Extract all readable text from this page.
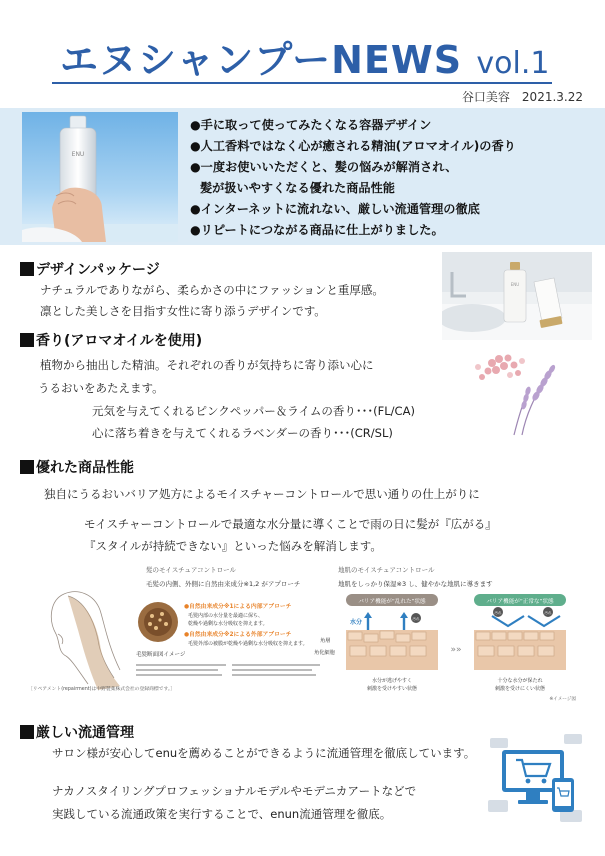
エヌシャンプーNEWS vol.1
谷口美容　2021.3.22
ENU
●手に取って使ってみたくなる容器デザイン
●人工香料ではなく心が癒される精油(アロマオイル)の香り
●一度お使いいただくと、髪の悩みが解消され、
髪が扱いやすくなる優れた商品性能
●インターネットに流れない、厳しい流通管理の徹底
●リピートにつながる商品に仕上がりました。
デザインパッケージ
ナチュラルでありながら、柔らかさの中にファッションと重厚感。
凛とした美しさを目指す女性に寄り添うデザインです。
ENU
香り(アロマオイルを使用)
植物から抽出した精油。それぞれの香りが気持ちに寄り添い心に
うるおいをあたえます。
元気を与えてくれるピンクペッパー＆ライムの香り･･･(FL/CA)
心に落ち着きを与えてくれるラベンダーの香り･･･(CR/SL)
優れた商品性能
独自にうるおいバリア処方によるモイスチャーコントロールで思い通りの仕上がりに
モイスチャーコントロールで最適な水分量に導くことで雨の日に髪が『広がる』
『スタイルが持続できない』といった悩みを解消します。
髪のモイスチュアコントロール
毛髪の内側、外側に自然由来成分※1,2 がアプローチ
毛髪断面図イメージ
●自然由来成分※1による内部アプローチ
毛髪内部の水分量を最適に保ち、
乾燥や過剰な水分吸収を抑えます。
●自然由来成分※2による外部アプローチ
毛髪外部の被膜が乾燥や過剰な水分吸収を抑えます。
［リペアメント(repairment)は中野製薬株式会社の登録商標です。］
地肌のモイスチュアコントロール
地肌をしっかり保湿※3 し、健やかな地肌に導きます
バリア機能が“乱れた”状態	バリア機能が“正常な”状態
水分	汚れ
角層
角化細胞
水分が逃げやすく
刺激を受けやすい状態
»»
汚れ	汚れ
十分な水分が保たれ
刺激を受けにくい状態
※イメージ図
厳しい流通管理
サロン様が安心してenuを薦めることができるように流通管理を徹底しています。
ナカノスタイリングプロフェッショナルモデルやモデニカアートなどで
実践している流通政策を実行することで、enun流通管理を徹底。
